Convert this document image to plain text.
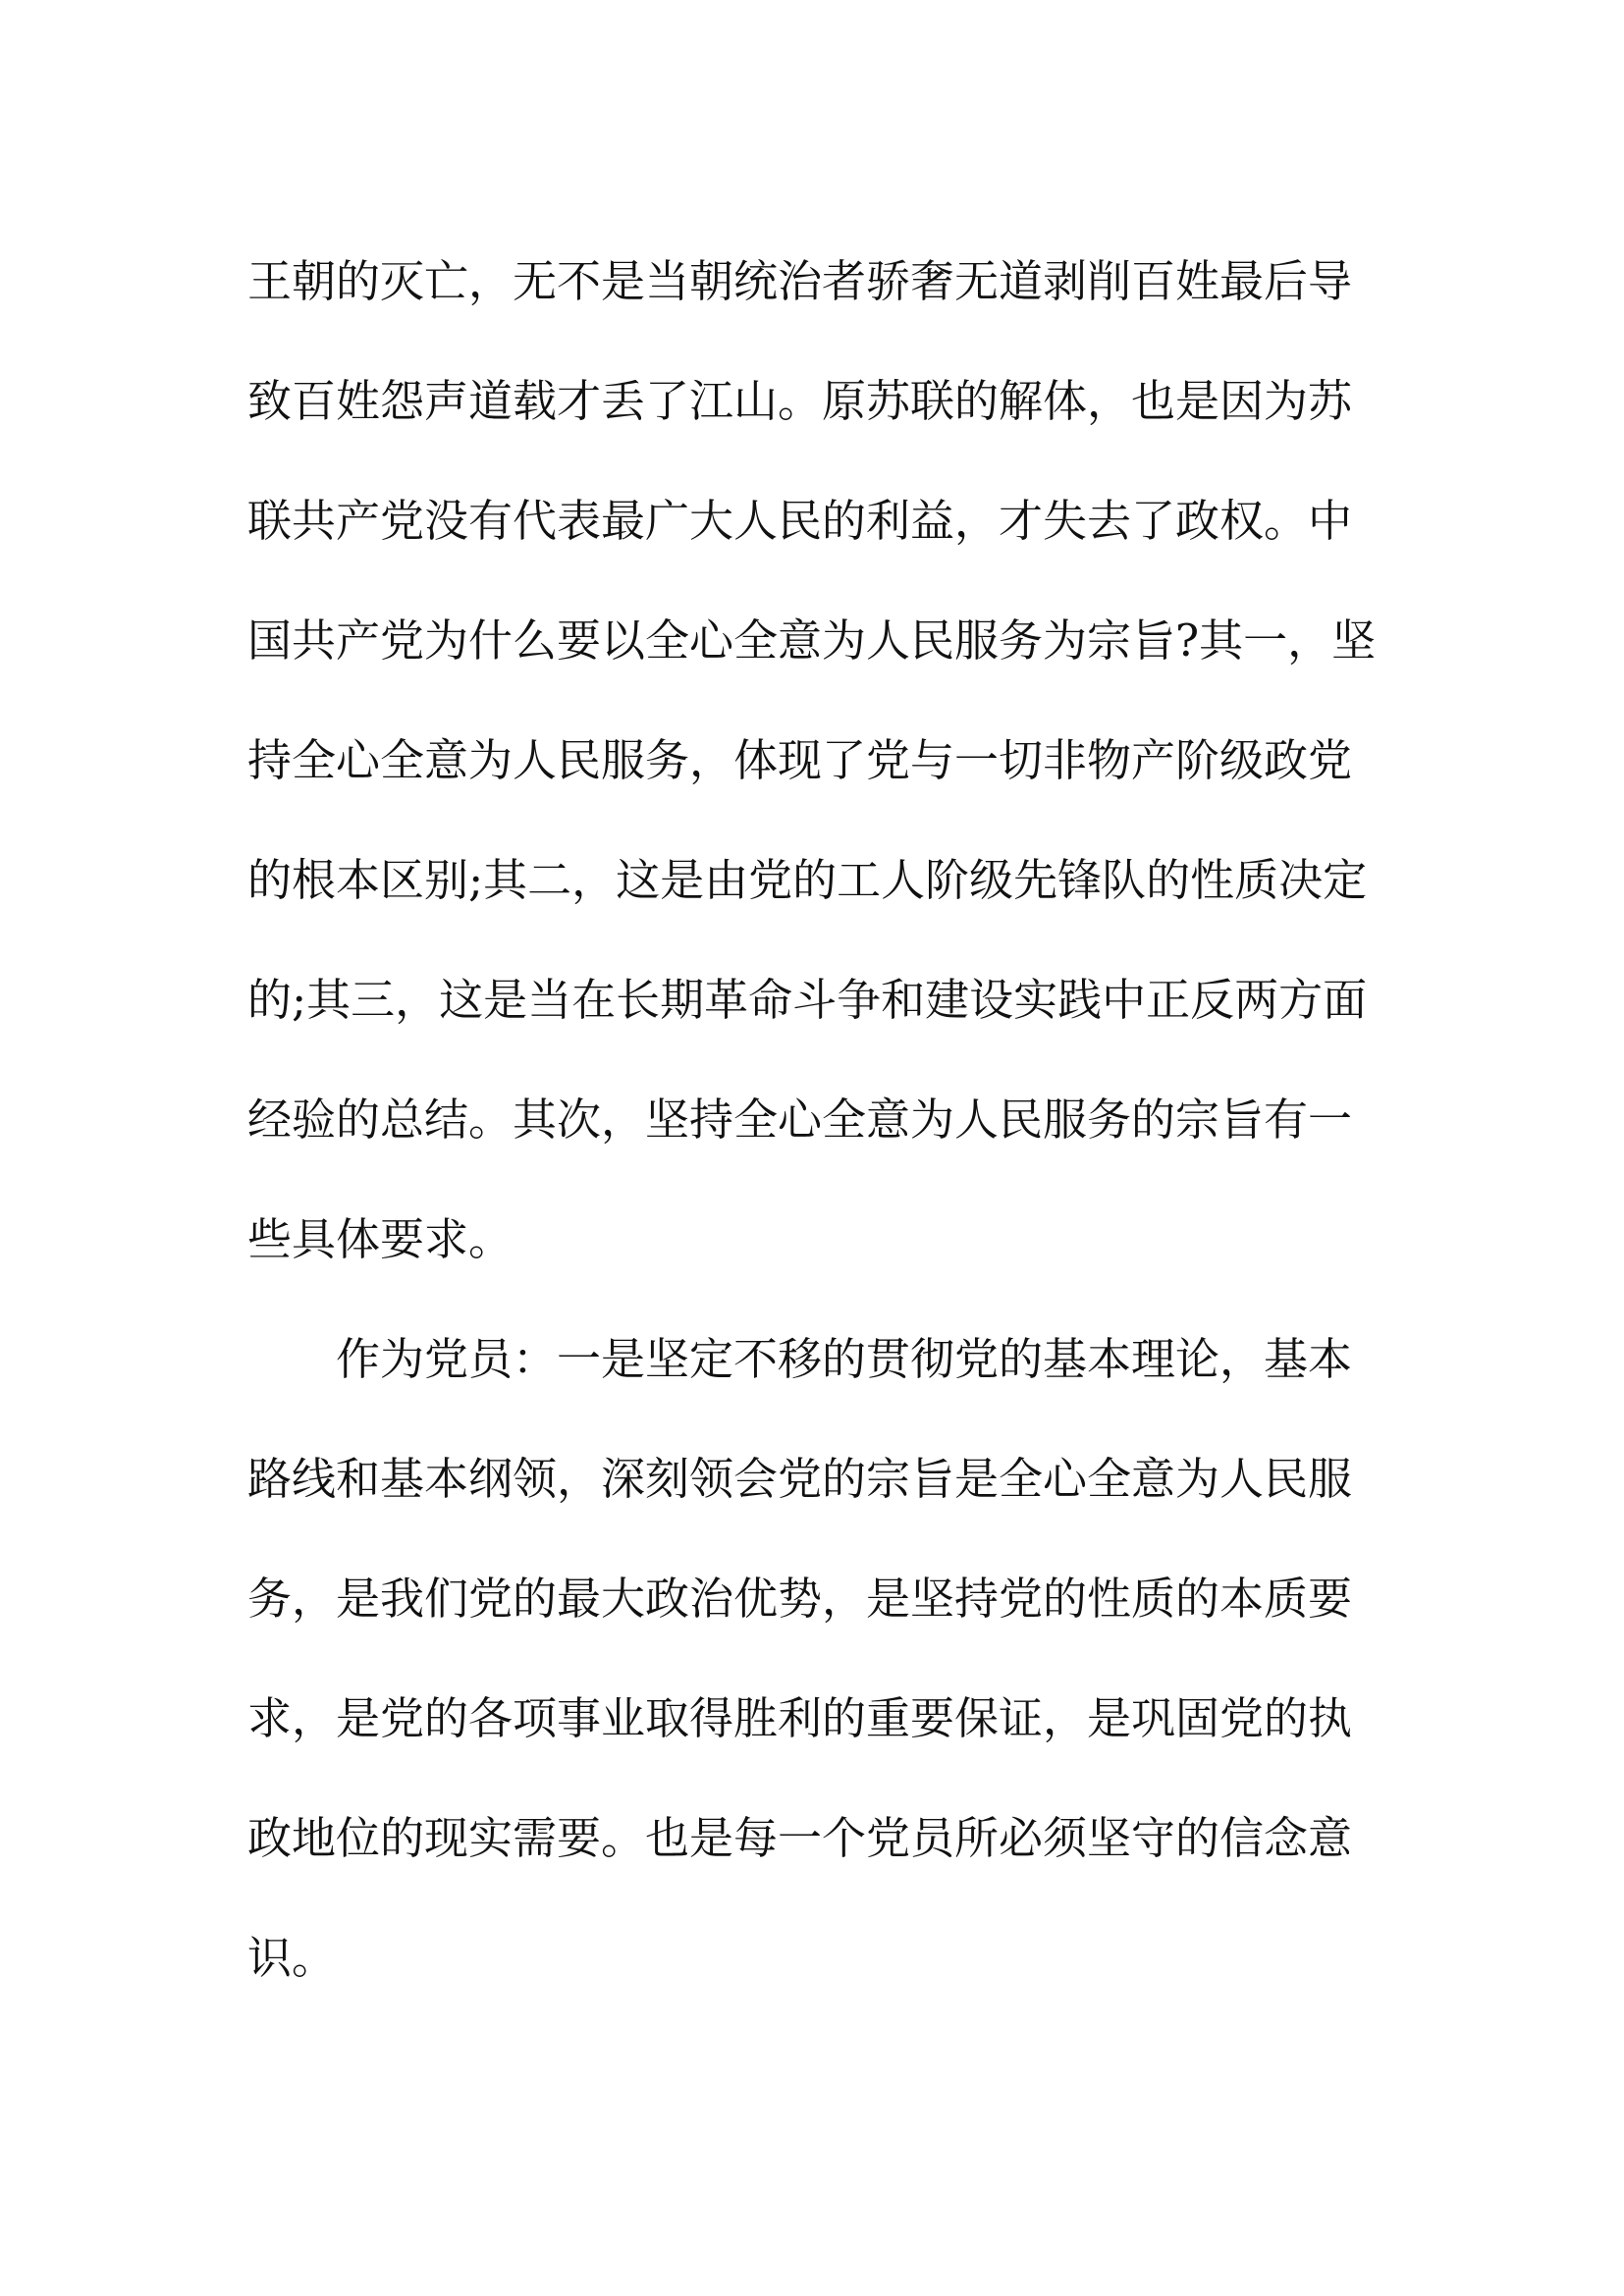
王朝的灭亡，无不是当朝统治者骄奢无道剥削百姓最后导
致百姓怨声道载才丢了江山。原苏联的解体，也是因为苏
联共产党没有代表最广大人民的利益，才失去了政权。中
国共产党为什么要以全心全意为人民服务为宗旨?其一，坚
持全心全意为人民服务，体现了党与一切非物产阶级政党
的根本区别;其二，这是由党的工人阶级先锋队的性质决定
的;其三，这是当在长期革命斗争和建设实践中正反两方面
经验的总结。其次，坚持全心全意为人民服务的宗旨有一
些具体要求。
作为党员：一是坚定不移的贯彻党的基本理论，基本
路线和基本纲领，深刻领会党的宗旨是全心全意为人民服
务，是我们党的最大政治优势，是坚持党的性质的本质要
求，是党的各项事业取得胜利的重要保证，是巩固党的执
政地位的现实需要。也是每一个党员所必须坚守的信念意
识。
